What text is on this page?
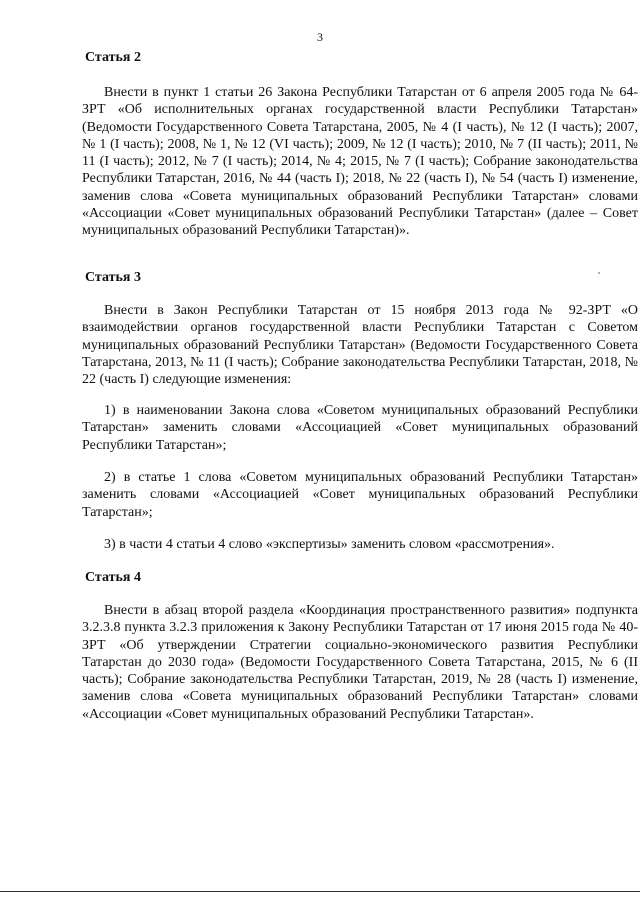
3
Статья 2
Внести в пункт 1 статьи 26 Закона Республики Татарстан от 6 апреля 2005 года № 64-ЗРТ «Об исполнительных органах государственной власти Республики Татарстан» (Ведомости Государственного Совета Татарстана, 2005, № 4 (I часть), № 12 (I часть); 2007, № 1 (I часть); 2008, № 1, № 12 (VI часть); 2009, № 12 (I часть); 2010, № 7 (II часть); 2011, № 11 (I часть); 2012, № 7 (I часть); 2014, № 4; 2015, № 7 (I часть); Собрание законодательства Республики Татарстан, 2016, № 44 (часть I); 2018, № 22 (часть I), № 54 (часть I) изменение, заменив слова «Совета муниципальных образований Республики Татарстан» словами «Ассоциации «Совет муниципальных образований Республики Татарстан» (далее – Совет муниципальных образований Республики Татарстан)».
Статья 3
Внести в Закон Республики Татарстан от 15 ноября 2013 года № 92-ЗРТ «О взаимодействии органов государственной власти Республики Татарстан с Советом муниципальных образований Республики Татарстан» (Ведомости Государственного Совета Татарстана, 2013, № 11 (I часть); Собрание законодательства Республики Татарстан, 2018, № 22 (часть I) следующие изменения:
1) в наименовании Закона слова «Советом муниципальных образований Республики Татарстан» заменить словами «Ассоциацией «Совет муниципальных образований Республики Татарстан»;
2) в статье 1 слова «Советом муниципальных образований Республики Татарстан» заменить словами «Ассоциацией «Совет муниципальных образований Республики Татарстан»;
3) в части 4 статьи 4 слово «экспертизы» заменить словом «рассмотрения».
Статья 4
Внести в абзац второй раздела «Координация пространственного развития» подпункта 3.2.3.8 пункта 3.2.3 приложения к Закону Республики Татарстан от 17 июня 2015 года № 40-ЗРТ «Об утверждении Стратегии социально-экономического развития Республики Татарстан до 2030 года» (Ведомости Государственного Совета Татарстана, 2015, № 6 (II часть); Собрание законодательства Республики Татарстан, 2019, № 28 (часть I) изменение, заменив слова «Совета муниципальных образований Республики Татарстан» словами «Ассоциации «Совет муниципальных образований Республики Татарстан».
